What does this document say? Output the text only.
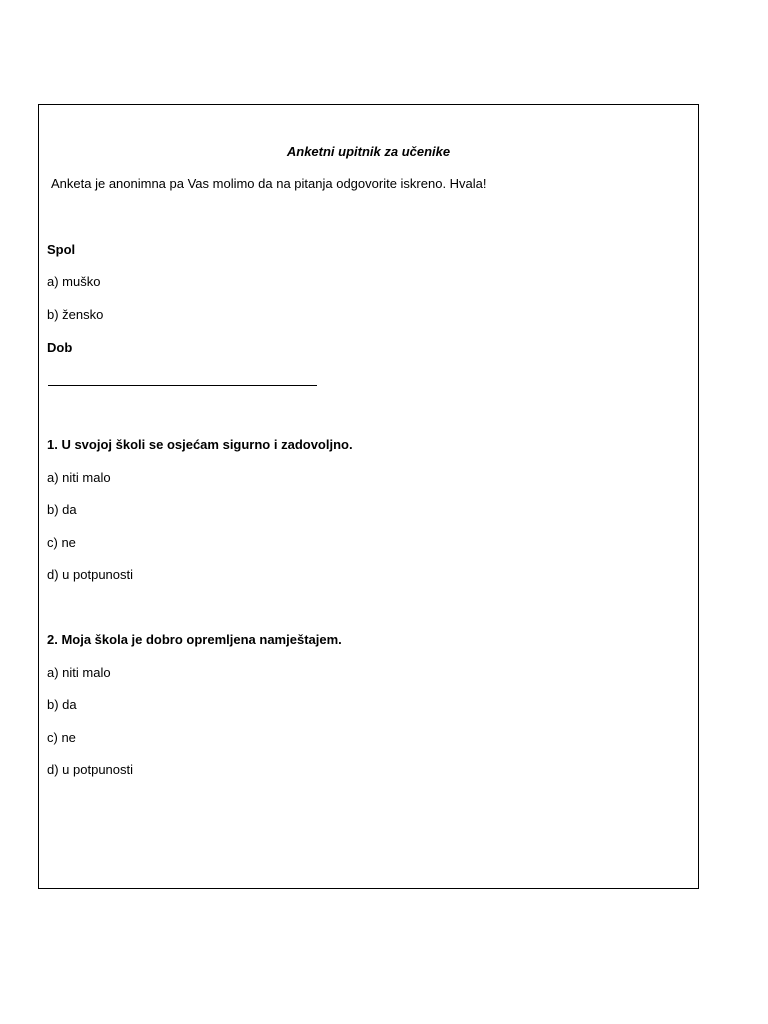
Anketni upitnik za učenike

Anketa je anonimna pa Vas molimo da na pitanja odgovorite iskreno. Hvala!

Spol

a) muško

b) žensko

Dob

1. U svojoj školi se osjećam sigurno i zadovoljno.

a) niti malo

b) da

c) ne

d) u potpunosti

2. Moja škola je dobro opremljena namještajem.

a) niti malo

b) da

c) ne

d) u potpunosti
